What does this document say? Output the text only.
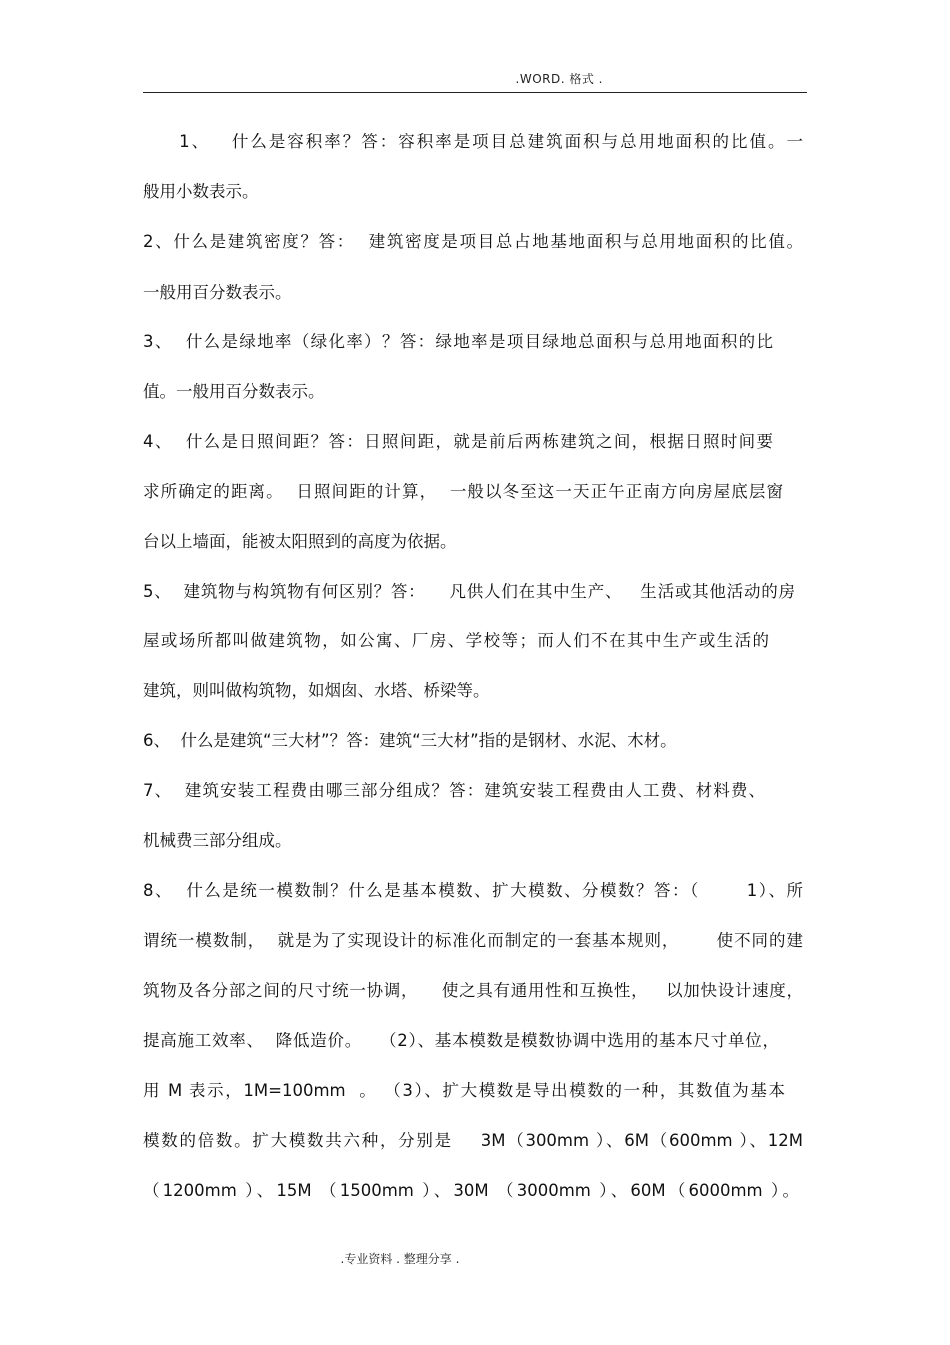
.WORD. 格式 .
1、   什么是容积率？答：容积率是项目总建筑面积与总用地面积的比值。一
般用小数表示。
2、什么是建筑密度？答：  建筑密度是项目总占地基地面积与总用地面积的比值。
一般用百分数表示。
3、  什么是绿地率（绿化率）？答：绿地率是项目绿地总面积与总用地面积的比
值。一般用百分数表示。
4、  什么是日照间距？答：日照间距，就是前后两栋建筑之间，根据日照时间要
求所确定的距离。  日照间距的计算，  一般以冬至这一天正午正南方向房屋底层窗
台以上墙面，能被太阳照到的高度为依据。
5、  建筑物与构筑物有何区别？答：    凡供人们在其中生产、   生活或其他活动的房
屋或场所都叫做建筑物，如公寓、厂房、学校等；而人们不在其中生产或生活的
建筑，则叫做构筑物，如烟囱、水塔、桥梁等。
6、  什么是建筑“三大材”？答：建筑“三大材”指的是钢材、水泥、木材。
7、  建筑安装工程费由哪三部分组成？答：建筑安装工程费由人工费、材料费、
机械费三部分组成。
8、  什么是统一模数制？什么是基本模数、扩大模数、分模数？答：（       1）、所
谓统一模数制，  就是为了实现设计的标准化而制定的一套基本规则，      使不同的建
筑物及各分部之间的尺寸统一协调，    使之具有通用性和互换性，   以加快设计速度，
提高施工效率、  降低造价。   （2）、基本模数是模数协调中选用的基本尺寸单位，
用 M 表示，1M=100mm  。 （3）、扩大模数是导出模数的一种，其数值为基本
模数的倍数。扩大模数共六种，分别是    3M（300mm ）、6M（600mm ）、12M
（1200mm ）、15M （1500mm ）、30M （3000mm ）、60M（6000mm ）。
.专业资料 . 整理分享 .
